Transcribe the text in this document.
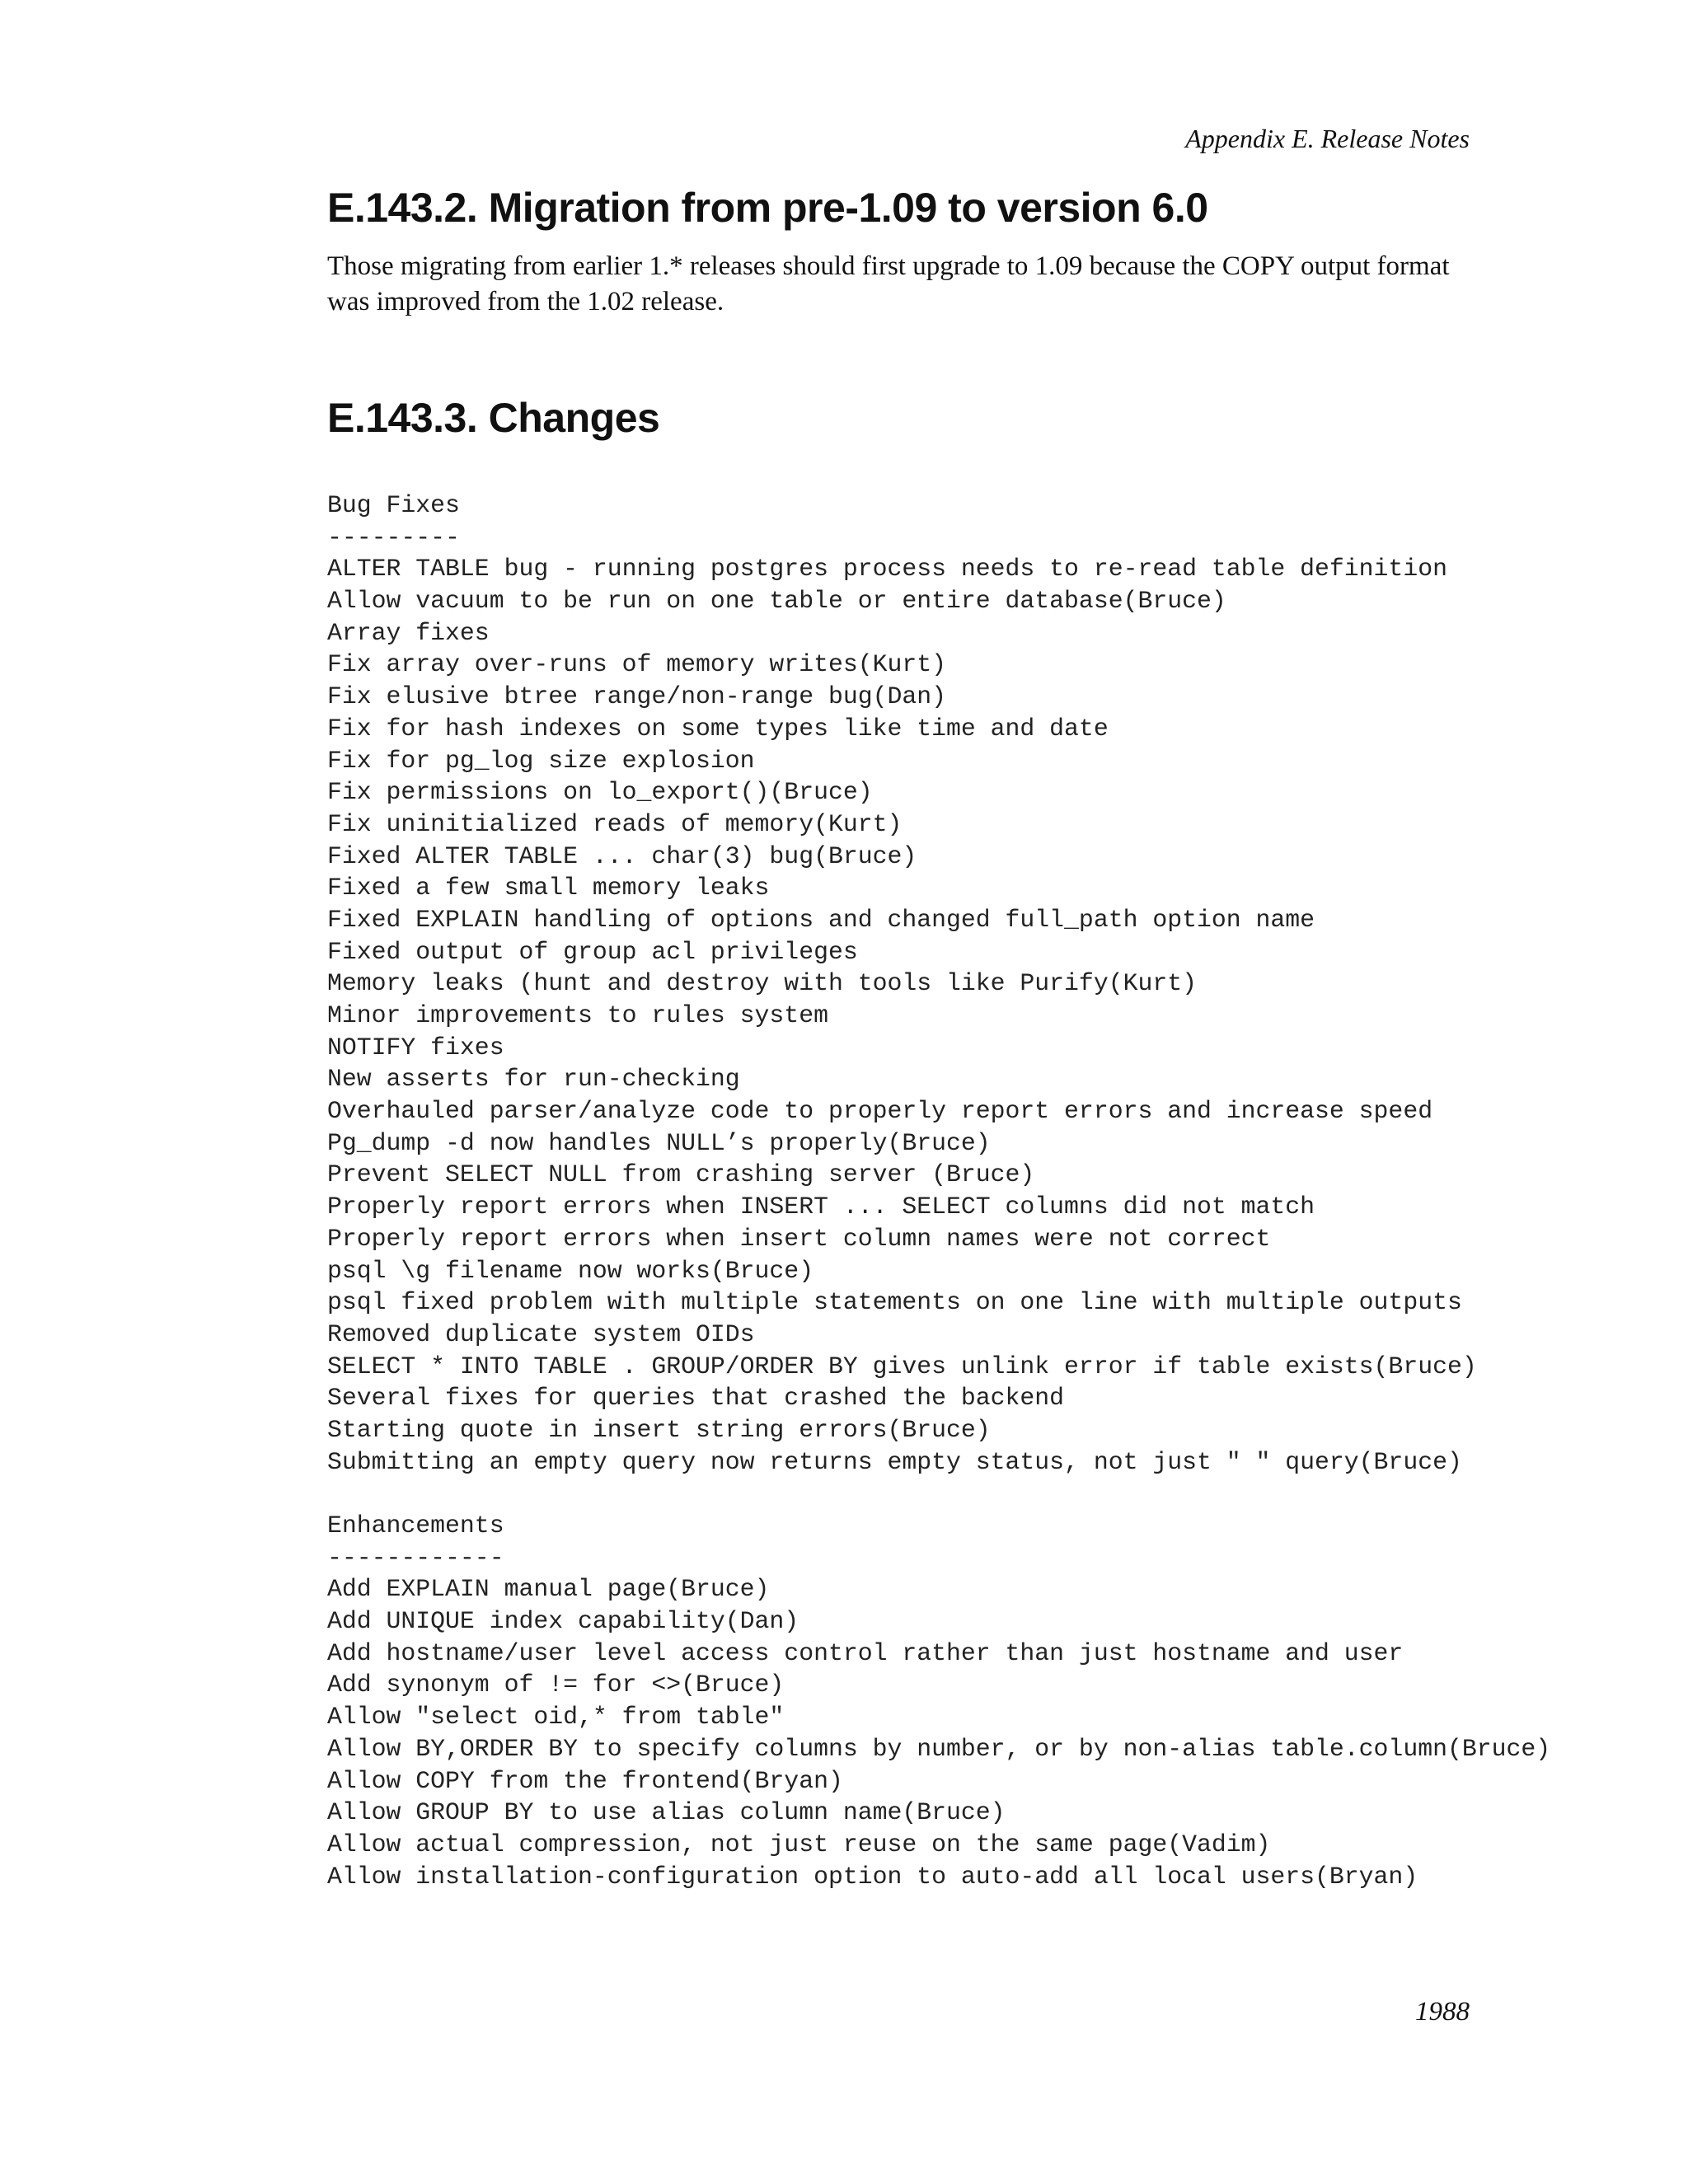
Appendix E. Release Notes
E.143.2. Migration from pre-1.09 to version 6.0

Those migrating from earlier 1.* releases should first upgrade to 1.09 because the COPY output format was improved from the 1.02 release.

E.143.3. Changes
Bug Fixes
---------
ALTER TABLE bug - running postgres process needs to re-read table definition
Allow vacuum to be run on one table or entire database(Bruce)
Array fixes
Fix array over-runs of memory writes(Kurt)
Fix elusive btree range/non-range bug(Dan)
Fix for hash indexes on some types like time and date
Fix for pg_log size explosion
Fix permissions on lo_export()(Bruce)
Fix uninitialized reads of memory(Kurt)
Fixed ALTER TABLE ... char(3) bug(Bruce)
Fixed a few small memory leaks
Fixed EXPLAIN handling of options and changed full_path option name
Fixed output of group acl privileges
Memory leaks (hunt and destroy with tools like Purify(Kurt)
Minor improvements to rules system
NOTIFY fixes
New asserts for run-checking
Overhauled parser/analyze code to properly report errors and increase speed
Pg_dump -d now handles NULL’s properly(Bruce)
Prevent SELECT NULL from crashing server (Bruce)
Properly report errors when INSERT ... SELECT columns did not match
Properly report errors when insert column names were not correct
psql \g filename now works(Bruce)
psql fixed problem with multiple statements on one line with multiple outputs
Removed duplicate system OIDs
SELECT * INTO TABLE . GROUP/ORDER BY gives unlink error if table exists(Bruce)
Several fixes for queries that crashed the backend
Starting quote in insert string errors(Bruce)
Submitting an empty query now returns empty status, not just " " query(Bruce)
Enhancements
------------
Add EXPLAIN manual page(Bruce)
Add UNIQUE index capability(Dan)
Add hostname/user level access control rather than just hostname and user
Add synonym of != for <>(Bruce)
Allow "select oid,* from table"
Allow BY,ORDER BY to specify columns by number, or by non-alias table.column(Bruce)
Allow COPY from the frontend(Bryan)
Allow GROUP BY to use alias column name(Bruce)
Allow actual compression, not just reuse on the same page(Vadim)
Allow installation-configuration option to auto-add all local users(Bryan)
1988
